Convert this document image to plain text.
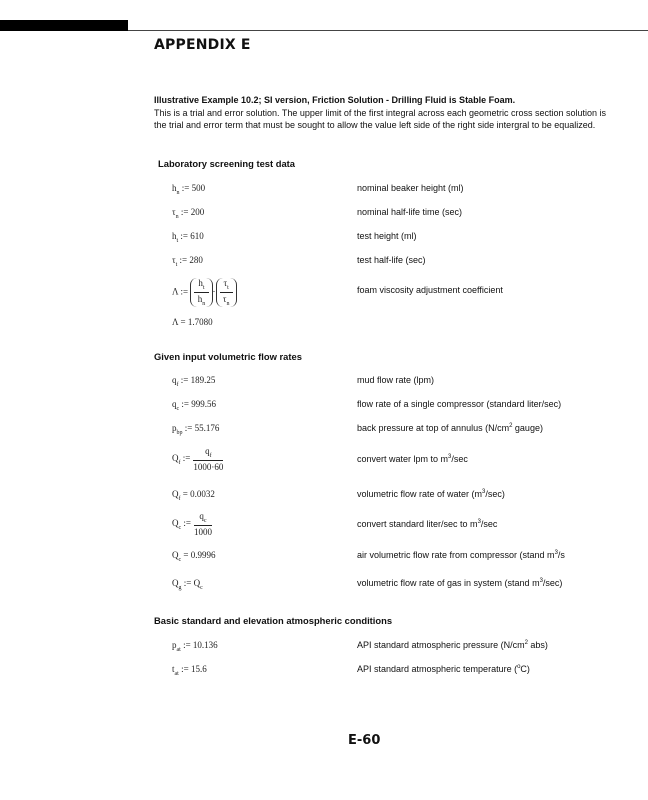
APPENDIX E
Illustrative Example 10.2; SI version, Friction Solution - Drilling Fluid is Stable Foam.
This is a trial and error solution. The upper limit of the first integral across each geometric cross section solution is the trial and error term that must be sought to allow the value left side of the right side intergral to be equalized.
Laboratory screening test data
$h_n$ := 500	nominal beaker height (ml)
$\tau_n$ := 200	nominal half-life time (sec)
$h_t$ := 610	test height (ml)
$\tau_t$ := 280	test half-life (sec)
Λ := $\frac{h_t}{h_n} \cdot \frac{\tau_t}{\tau_n}$	foam viscosity adjustment coefficient
Λ = 1.7080
Given input volumetric flow rates
$q_f$ := 189.25	mud flow rate (lpm)
$q_c$ := 999.56	flow rate of a single compressor (standard liter/sec)
$p_{bp}$ := 55.176	back pressure at top of annulus ($N/cm^2$ gauge)
$Q_f$ := $\frac{q_f}{1000\cdot 60}$	convert water lpm to $m^3/\sec$
$Q_f = 0.0032$	volumetric flow rate of water $(m^3/\sec)$
$Q_c$ := $\frac{q_c}{1000}$	convert standard liter/sec to $m^3/\sec$
$Q_c = 0.9996$	air volumetric flow rate from compressor (stand $m^3/s$
$Q_g$ := $Q_c$	volumetric flow rate of gas in system (stand $m^3/\sec$)
Basic standard and elevation atmospheric conditions
$p_{at}$ := 10.136	API standard atmospheric pressure ($N/cm^2$ abs)
$t_{at}$ := 15.6	API standard atmospheric temperature ($^o$C)
E-60
